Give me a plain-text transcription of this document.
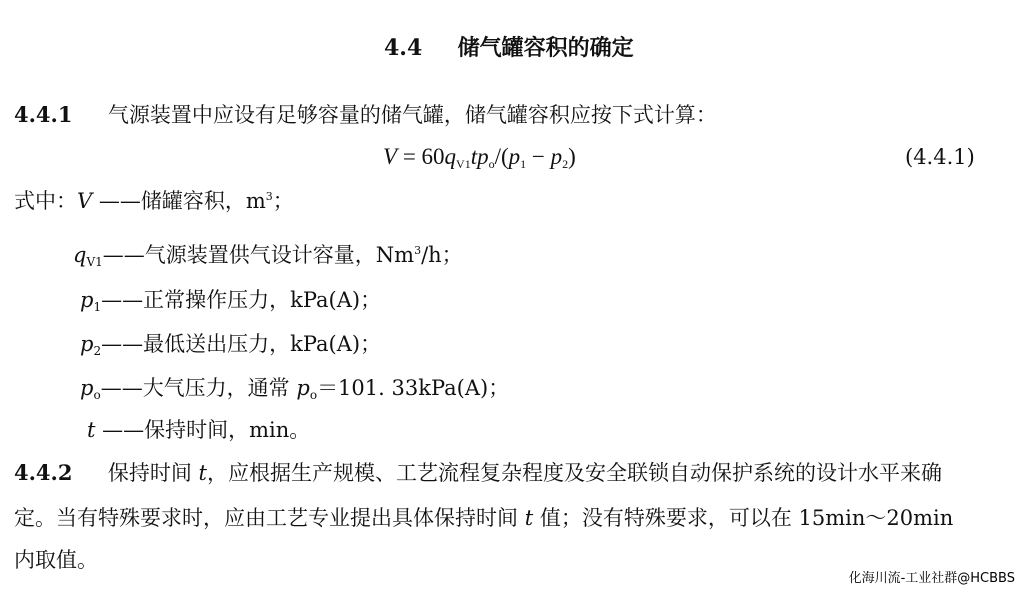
4.4 储气罐容积的确定
4.4.1 气源装置中应设有足够容量的储气罐，储气罐容积应按下式计算：
$V = 60q_{V1}tp_o/(p_1 - p_2)$	(4.4.1)
式中：V ——储罐容积，$m^3$；
$q_{V1}——$气源装置供气设计容量，Nm$^3$/h；
$p_1——$正常操作压力，kPa(A)；
$p_2——$最低送出压力，kPa(A)；
$p_o——$大气压力，通常 $p_o=101$. 33kPa(A)；
t ——保持时间，min。
4.4.2 保持时间 t，应根据生产规模、工艺流程复杂程度及安全联锁自动保护系统的设计水平来确
定。当有特殊要求时，应由工艺专业提出具体保持时间 t 值；没有特殊要求，可以在 15min～20min
内取值。
化海川流-工业社群@HCBBS
